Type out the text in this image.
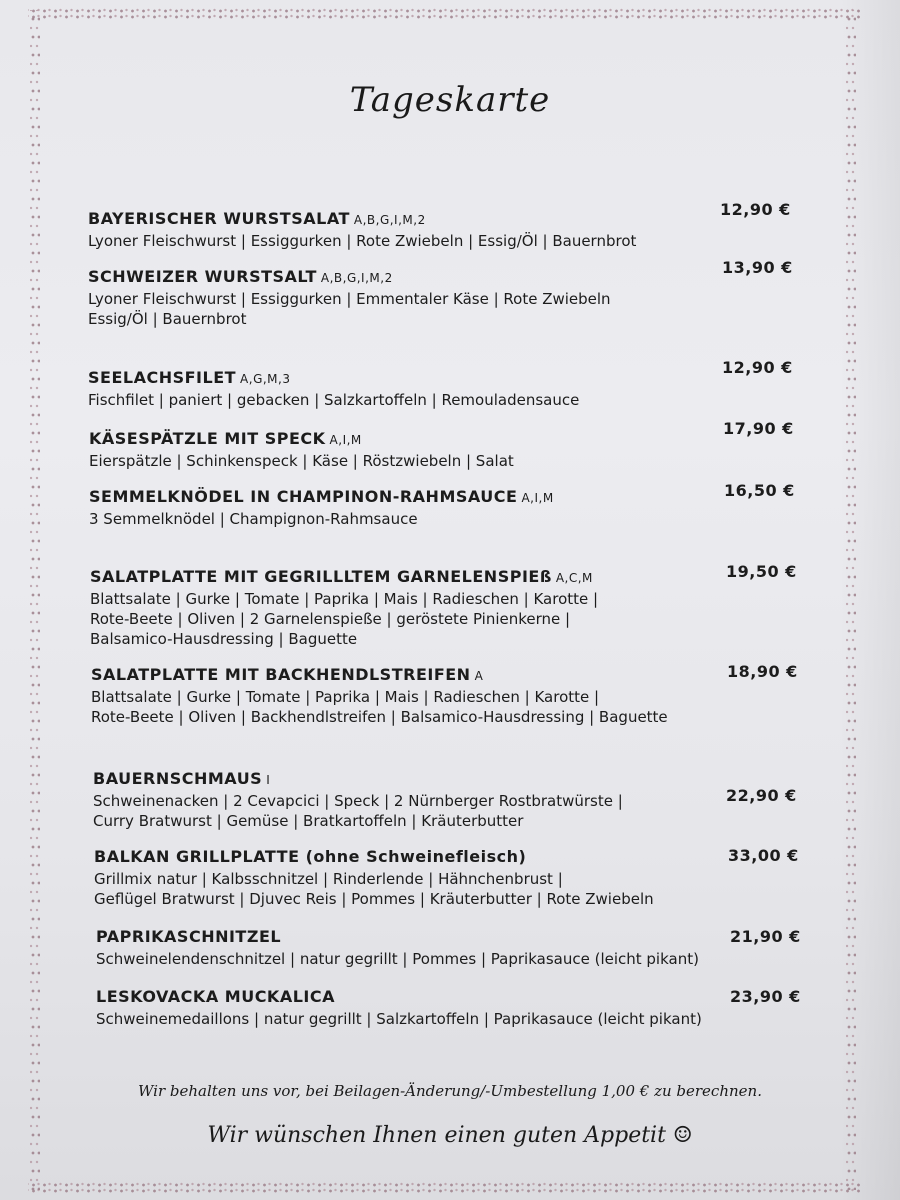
Tageskarte
BAYERISCHER WURSTSALAT A,B,G,I,M,2
Lyoner Fleischwurst | Essiggurken | Rote Zwiebeln | Essig/Öl | Bauernbrot
12,90 €
SCHWEIZER WURSTSALT A,B,G,I,M,2
Lyoner Fleischwurst | Essiggurken | Emmentaler Käse | Rote Zwiebeln
Essig/Öl | Bauernbrot
13,90 €
SEELACHSFILET A,G,M,3
Fischfilet | paniert | gebacken | Salzkartoffeln | Remouladensauce
12,90 €
KÄSESPÄTZLE MIT SPECK A,I,M
Eierspätzle | Schinkenspeck | Käse | Röstzwiebeln | Salat
17,90 €
SEMMELKNÖDEL IN CHAMPINON-RAHMSAUCE A,I,M
3 Semmelknödel | Champignon-Rahmsauce
16,50 €
SALATPLATTE MIT GEGRILLLTEM GARNELENSPIEß A,C,M
Blattsalate | Gurke | Tomate | Paprika | Mais | Radieschen | Karotte |
Rote-Beete | Oliven | 2 Garnelenspieße | geröstete Pinienkerne |
Balsamico-Hausdressing | Baguette
19,50 €
SALATPLATTE MIT BACKHENDLSTREIFEN A
Blattsalate | Gurke | Tomate | Paprika | Mais | Radieschen | Karotte |
Rote-Beete | Oliven | Backhendlstreifen | Balsamico-Hausdressing | Baguette
18,90 €
BAUERNSCHMAUS I
Schweinenacken | 2 Cevapcici | Speck | 2 Nürnberger Rostbratwürste |
Curry Bratwurst | Gemüse | Bratkartoffeln | Kräuterbutter
22,90 €
BALKAN GRILLPLATTE (ohne Schweinefleisch)
Grillmix natur | Kalbsschnitzel | Rinderlende | Hähnchenbrust |
Geflügel Bratwurst | Djuvec Reis | Pommes | Kräuterbutter | Rote Zwiebeln
33,00 €
PAPRIKASCHNITZEL
Schweinelendenschnitzel | natur gegrillt | Pommes | Paprikasauce (leicht pikant)
21,90 €
LESKOVACKA MUCKALICA
Schweinemedaillons | natur gegrillt | Salzkartoffeln | Paprikasauce (leicht pikant)
23,90 €
Wir behalten uns vor, bei Beilagen-Änderung/-Umbestellung 1,00 € zu berechnen.
Wir wünschen Ihnen einen guten Appetit ☺
